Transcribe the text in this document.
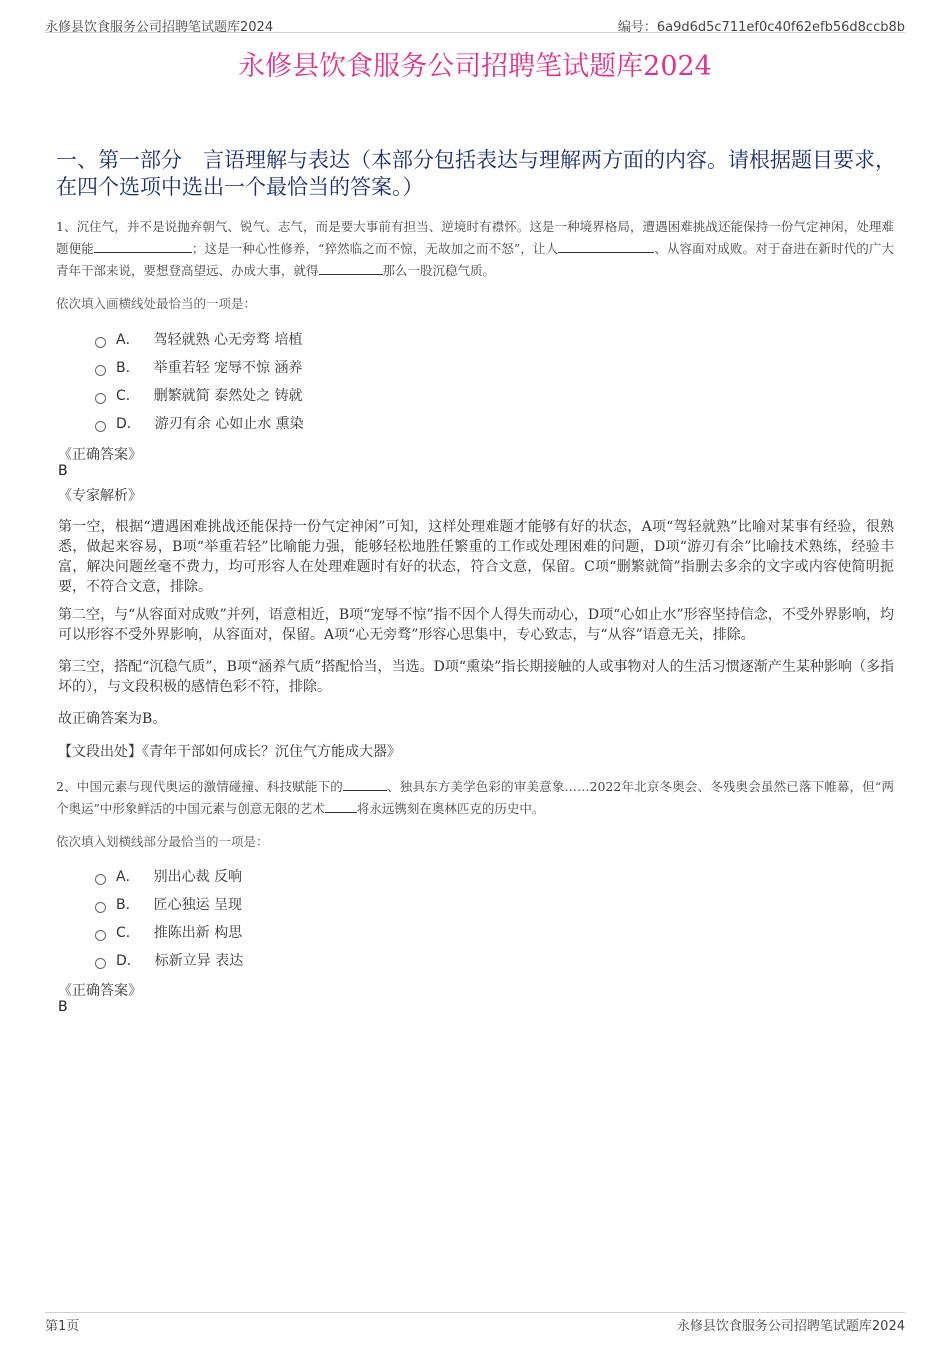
永修县饮食服务公司招聘笔试题库2024	编号：6a9d6d5c711ef0c40f62efb56d8ccb8b
永修县饮食服务公司招聘笔试题库2024
一、第一部分　言语理解与表达（本部分包括表达与理解两方面的内容。请根据题目要求，在四个选项中选出一个最恰当的答案。）

1、沉住气，并不是说抛弃朝气、锐气、志气，而是要大事前有担当、逆境时有襟怀。这是一种境界格局，遭遇困难挑战还能保持一份气定神闲，处理难题便能	；这是一种心性修养，“猝然临之而不惊，无故加之而不怒”，让人	、从容面对成败。对于奋进在新时代的广大青年干部来说，要想登高望远、办成大事，就得	那么一股沉稳气质。

依次填入画横线处最恰当的一项是：

A． 驾轻就熟 心无旁骛 培植
B． 举重若轻 宠辱不惊 涵养
C． 删繁就简 泰然处之 铸就
D． 游刃有余 心如止水 熏染

《正确答案》

B

《专家解析》

第一空，根据“遭遇困难挑战还能保持一份气定神闲”可知，这样处理难题才能够有好的状态，A项“驾轻就熟”比喻对某事有经验，很熟悉，做起来容易，B项“举重若轻”比喻能力强，能够轻松地胜任繁重的工作或处理困难的问题，D项“游刃有余”比喻技术熟练，经验丰富，解决问题丝毫不费力，均可形容人在处理难题时有好的状态，符合文意，保留。C项“删繁就简”指删去多余的文字或内容使简明扼要，不符合文意，排除。

第二空，与“从容面对成败”并列，语意相近，B项“宠辱不惊”指不因个人得失而动心，D项“心如止水”形容坚持信念，不受外界影响，均可以形容不受外界影响，从容面对，保留。A项“心无旁骛”形容心思集中，专心致志，与“从容”语意无关，排除。

第三空，搭配“沉稳气质”，B项“涵养气质”搭配恰当，当选。D项“熏染”指长期接触的人或事物对人的生活习惯逐渐产生某种影响（多指坏的），与文段积极的感情色彩不符，排除。

故正确答案为B。

【文段出处】《青年干部如何成长？沉住气方能成大器》

2、中国元素与现代奥运的激情碰撞、科技赋能下的	、独具东方美学色彩的审美意象……2022年北京冬奥会、冬残奥会虽然已落下帷幕，但“两个奥运”中形象鲜活的中国元素与创意无限的艺术	将永远镌刻在奥林匹克的历史中。

依次填入划横线部分最恰当的一项是：

A． 别出心裁 反响
B． 匠心独运 呈现
C． 推陈出新 构思
D． 标新立异 表达

《正确答案》

B

第1页	永修县饮食服务公司招聘笔试题库2024
